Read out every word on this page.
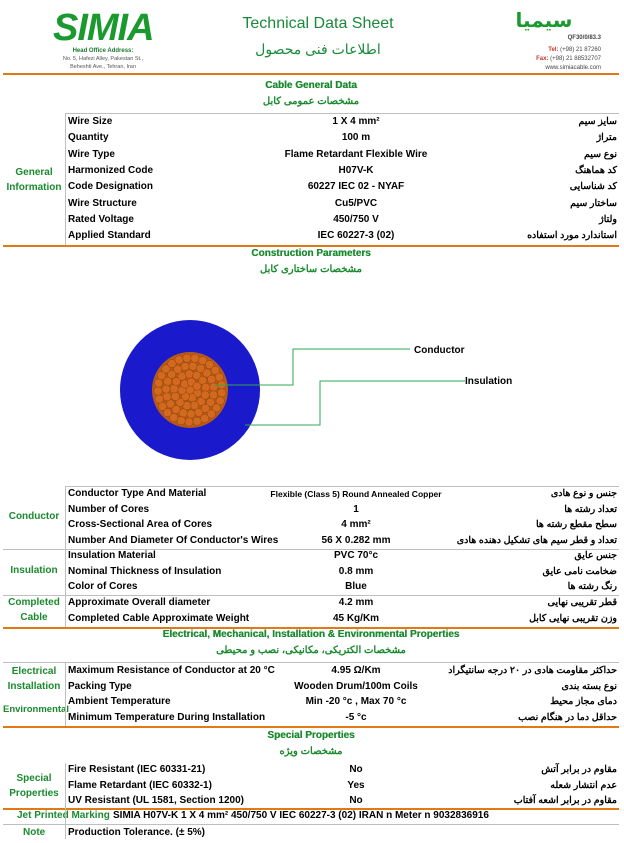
SIMIA
Head Office Address:
No. 5, Hafezi Alley, Pakestan St.,
Beheshti Ave., Tehran, Iran
Technical Data Sheet
اطلاعات فنی محصول
سیمیا
QF30/0/83.3
Tel: (+98) 21 87260
Fax: (+98) 21 88532707
www.simiacable.com
Cable General Data
مشخصات عمومی کابل
General
Information
Wire Size	1 X 4 mm²	سایز سیم
Quantity	100 m	متراژ
Wire Type	Flame Retardant Flexible Wire	نوع سیم
Harmonized Code	H07V-K	کد هماهنگ
Code Designation	60227 IEC 02 - NYAF	کد شناسایی
Wire Structure	Cu5/PVC	ساختار سیم
Rated Voltage	450/750 V	ولتاژ
Applied Standard	IEC 60227-3 (02)	استاندارد مورد استفاده
Construction Parameters
مشخصات ساختاری کابل
Conductor
Insulation
Conductor
Conductor Type And Material	Flexible (Class 5) Round Annealed Copper	جنس و نوع هادی
Number of Cores	1	تعداد رشته ها
Cross-Sectional Area of Cores	4 mm²	سطح مقطع رشته ها
Number And Diameter Of Conductor's Wires	56 X 0.282 mm	تعداد و قطر سیم های تشکیل دهنده هادی
Insulation
Insulation Material	PVC 70°c	جنس عایق
Nominal Thickness of Insulation	0.8 mm	ضخامت نامی عایق
Color of Cores	Blue	رنگ رشته ها
Completed
Cable
Approximate Overall diameter	4.2 mm	قطر تقریبی نهایی
Completed Cable Approximate Weight	45 Kg/Km	وزن تقریبی نهایی کابل
Electrical, Mechanical, Installation & Environmental Properties
مشخصات الکتریکی، مکانیکی، نصب و محیطی
Electrical
Installation
Environmental
Maximum Resistance of Conductor at 20 °C	4.95 Ω/Km	حداکثر مقاومت هادی در ۲۰ درجه سانتیگراد
Packing Type	Wooden Drum/100m Coils	نوع بسته بندی
Ambient Temperature	Min -20 °c , Max 70 °c	دمای مجاز محیط
Minimum Temperature During Installation	-5 °c	حداقل دما در هنگام نصب
Special Properties
مشخصات ویژه
Special
Properties
Fire Resistant (IEC 60331-21)	No	مقاوم در برابر آتش
Flame Retardant (IEC 60332-1)	Yes	عدم انتشار شعله
UV Resistant (UL 1581, Section 1200)	No	مقاوم در برابر اشعه آفتاب
Jet Printed Marking SIMIA H07V-K 1 X 4 mm² 450/750 V IEC 60227-3 (02) IRAN n Meter n 9032836916
Note Production Tolerance. (± 5%)
